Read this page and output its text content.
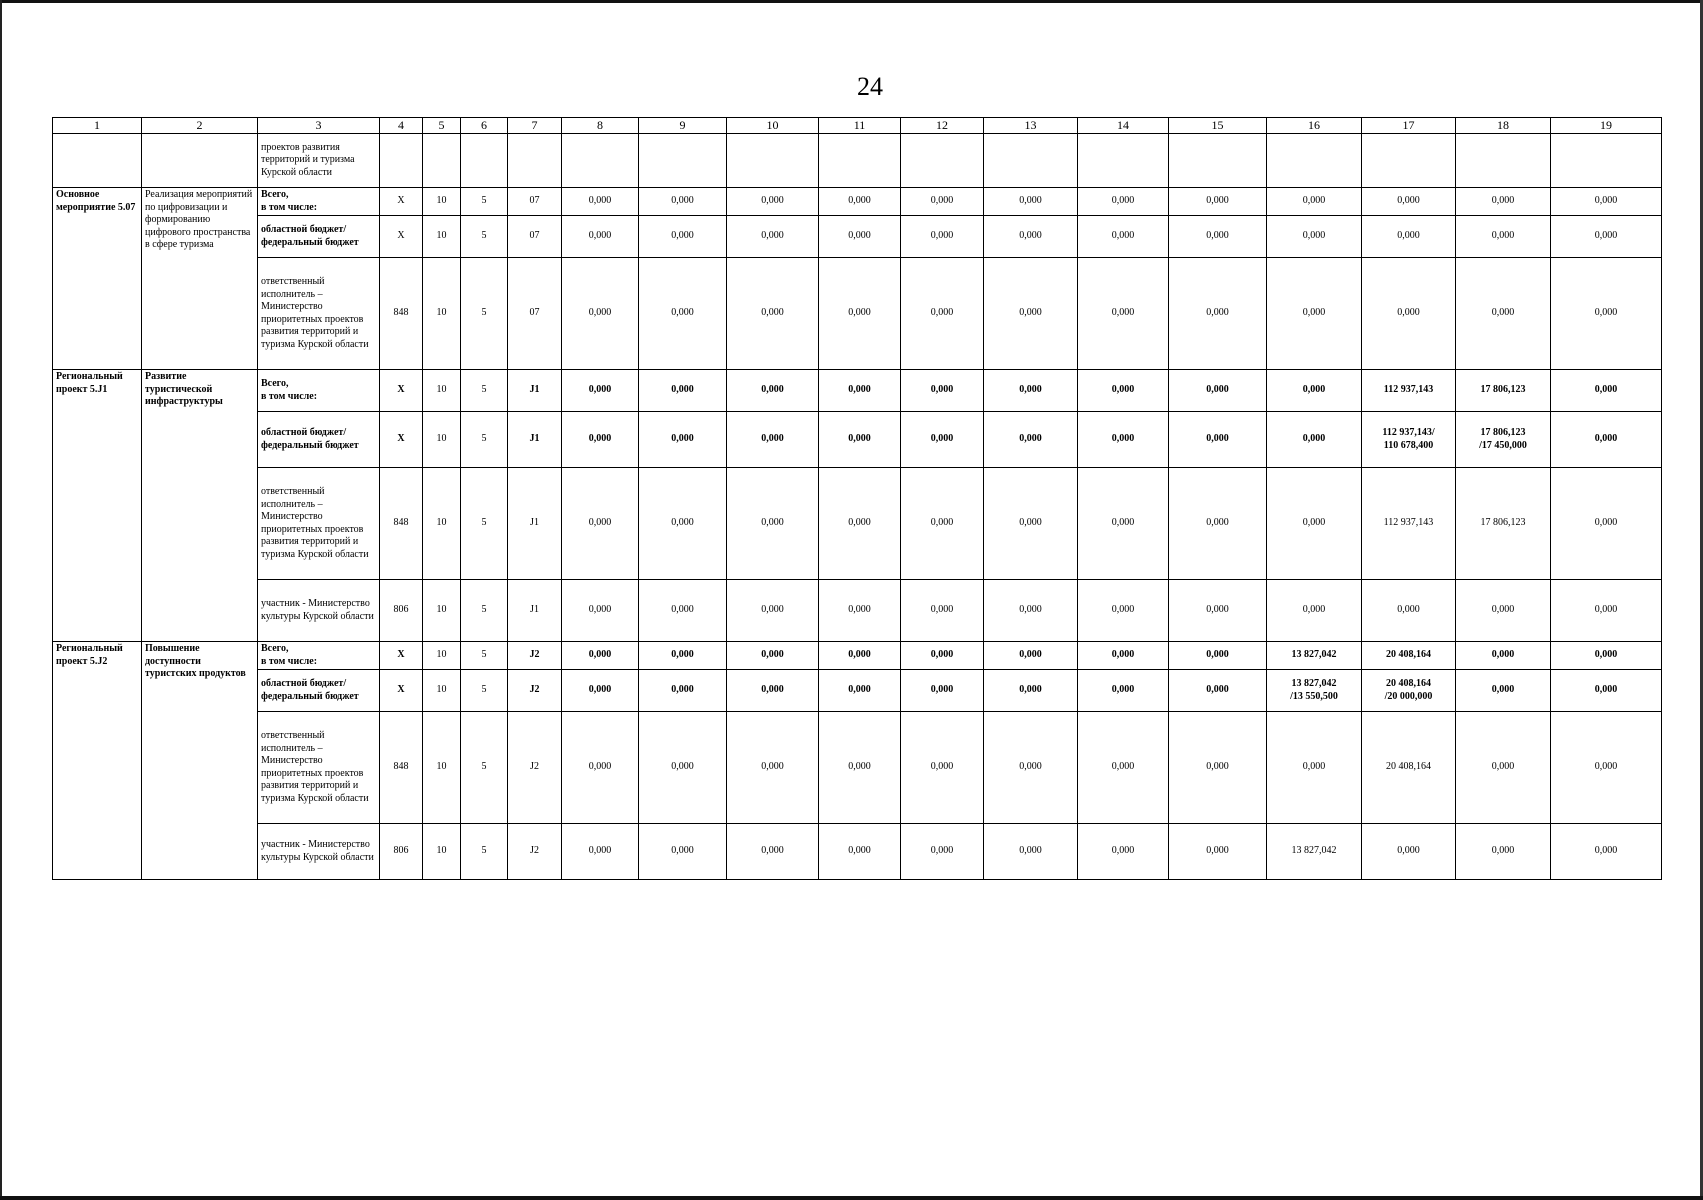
24
1	2	3	4	5	6	7	8	9	10	11	12	13	14	15	16	17	18	19
		проектов развития территорий и туризма Курской области																
Основное мероприятие 5.07	Реализация мероприятий по цифровизации и формированию цифрового пространства в сфере туризма	Всего,
в том числе:	Х	10	5	07	0,000	0,000	0,000	0,000	0,000	0,000	0,000	0,000	0,000	0,000	0,000	0,000
		областной бюджет/
федеральный бюджет	Х	10	5	07	0,000	0,000	0,000	0,000	0,000	0,000	0,000	0,000	0,000	0,000	0,000	0,000
		ответственный исполнитель – Министерство приоритетных проектов развития территорий и туризма Курской области	848	10	5	07	0,000	0,000	0,000	0,000	0,000	0,000	0,000	0,000	0,000	0,000	0,000	0,000
Региональный проект 5.J1	Развитие туристической инфраструктуры	Всего,
в том числе:	Х	10	5	J1	0,000	0,000	0,000	0,000	0,000	0,000	0,000	0,000	0,000	112 937,143	17 806,123	0,000
		областной бюджет/
федеральный бюджет	Х	10	5	J1	0,000	0,000	0,000	0,000	0,000	0,000	0,000	0,000	0,000	112 937,143/
110 678,400	17 806,123
/17 450,000	0,000
		ответственный исполнитель – Министерство приоритетных проектов развития территорий и туризма Курской области	848	10	5	J1	0,000	0,000	0,000	0,000	0,000	0,000	0,000	0,000	0,000	112 937,143	17 806,123	0,000
		участник - Министерство культуры Курской области	806	10	5	J1	0,000	0,000	0,000	0,000	0,000	0,000	0,000	0,000	0,000	0,000	0,000	0,000
Региональный проект 5.J2	Повышение доступности туристских продуктов	Всего,
в том числе:	Х	10	5	J2	0,000	0,000	0,000	0,000	0,000	0,000	0,000	0,000	13 827,042	20 408,164	0,000	0,000
		областной бюджет/
федеральный бюджет	Х	10	5	J2	0,000	0,000	0,000	0,000	0,000	0,000	0,000	0,000	13 827,042
/13 550,500	20 408,164
/20 000,000	0,000	0,000
		ответственный исполнитель – Министерство приоритетных проектов развития территорий и туризма Курской области	848	10	5	J2	0,000	0,000	0,000	0,000	0,000	0,000	0,000	0,000	0,000	20 408,164	0,000	0,000
		участник - Министерство культуры Курской области	806	10	5	J2	0,000	0,000	0,000	0,000	0,000	0,000	0,000	0,000	13 827,042	0,000	0,000	0,000
